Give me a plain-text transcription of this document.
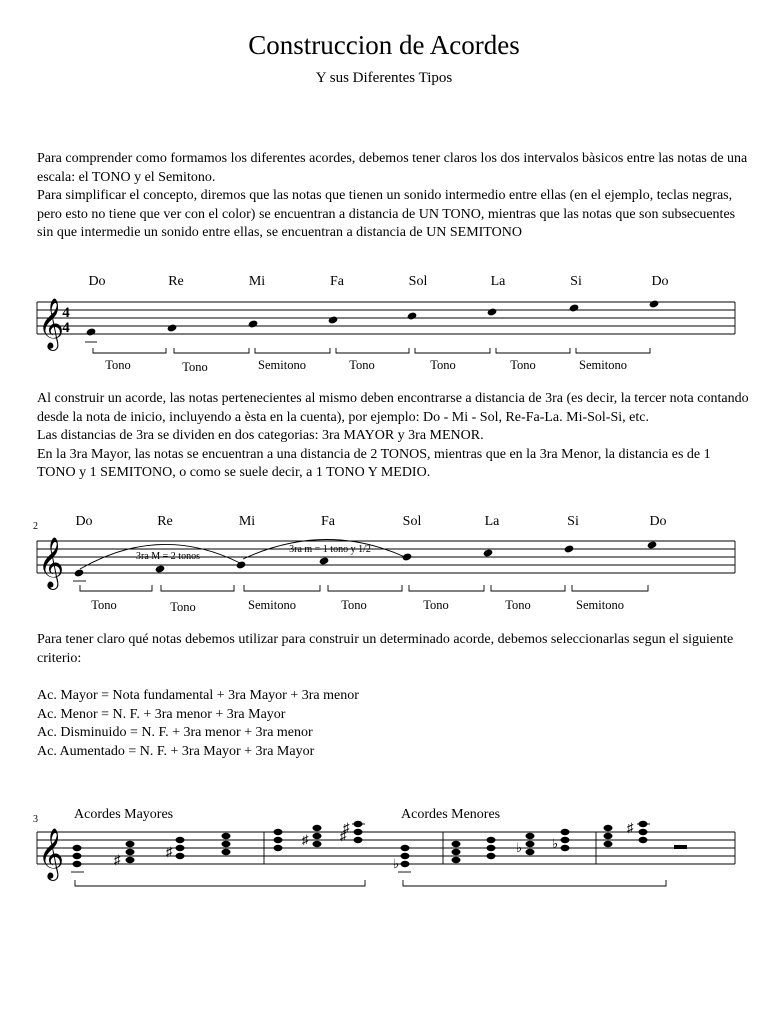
Construccion de Acordes
Y sus Diferentes Tipos

Para comprender como formamos los diferentes acordes, debemos tener claros los dos intervalos bàsicos entre las notas de una escala: el TONO y el Semitono.

Para simplificar el concepto, diremos que las notas que tienen un sonido intermedio entre ellas (en el ejemplo, teclas negras, pero esto no tiene que ver con el color) se encuentran a distancia de UN TONO, mientras que las notas que son subsecuentes sin que intermedie un sonido entre ellas, se encuentran a distancia de UN SEMITONO

Do	Re	Mi	Fa	Sol	La	Si	Do
𝄞
4
4
Tono	Tono	Semitono	Tono	Tono	Tono	Semitono

Al construir un acorde, las notas pertenecientes al mismo deben encontrarse a distancia de 3ra (es decir, la tercer nota contando desde la nota de inicio, incluyendo a èsta en la cuenta), por ejemplo: Do - Mi - Sol, Re-Fa-La. Mi-Sol-Si, etc.

Las distancias de 3ra se dividen en dos categorias: 3ra MAYOR y 3ra MENOR.

En la 3ra Mayor, las notas se encuentran a una distancia de 2 TONOS, mientras que en la 3ra Menor, la distancia es de 1 TONO y 1 SEMITONO, o como se suele decir, a 1 TONO Y MEDIO.

2	Do	Re	Mi	Fa	Sol	La	Si	Do
𝄞	3ra M = 2 tonos
3ra m = 1 tono y 1/2
Tono	Tono	Semitono	Tono	Tono	Tono	Semitono

Para tener claro qué notas debemos utilizar para construir un determinado acorde, debemos seleccionarlas segun el siguiente criterio:

Ac. Mayor = Nota fundamental + 3ra Mayor + 3ra menor
Ac. Menor = N. F. + 3ra menor + 3ra Mayor
Ac. Disminuido = N. F. + 3ra menor + 3ra menor
Ac. Aumentado = N. F. + 3ra Mayor + 3ra Mayor
3	Acordes Mayores	Acordes Menores
𝄞	♯
♯
♯ ♯
♯
♭
♭ ♭
♯
